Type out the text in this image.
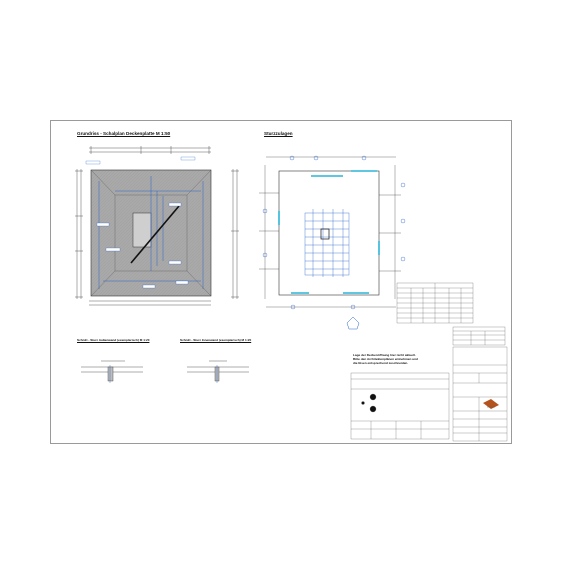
Grundriss - Schalplan Deckenplatte M 1:50	Sturzzulagen
Schnitt - Sturz Außenwand (exemplarisch) M 1:20	Schnitt - Sturz Innenwand (exemplarisch) M 1:20
Lage der Deckenöffnung hier nicht aktuell.
Bitte den Architektenplänen entnehmen und
die Eisen entsprechend zuschneiden.
